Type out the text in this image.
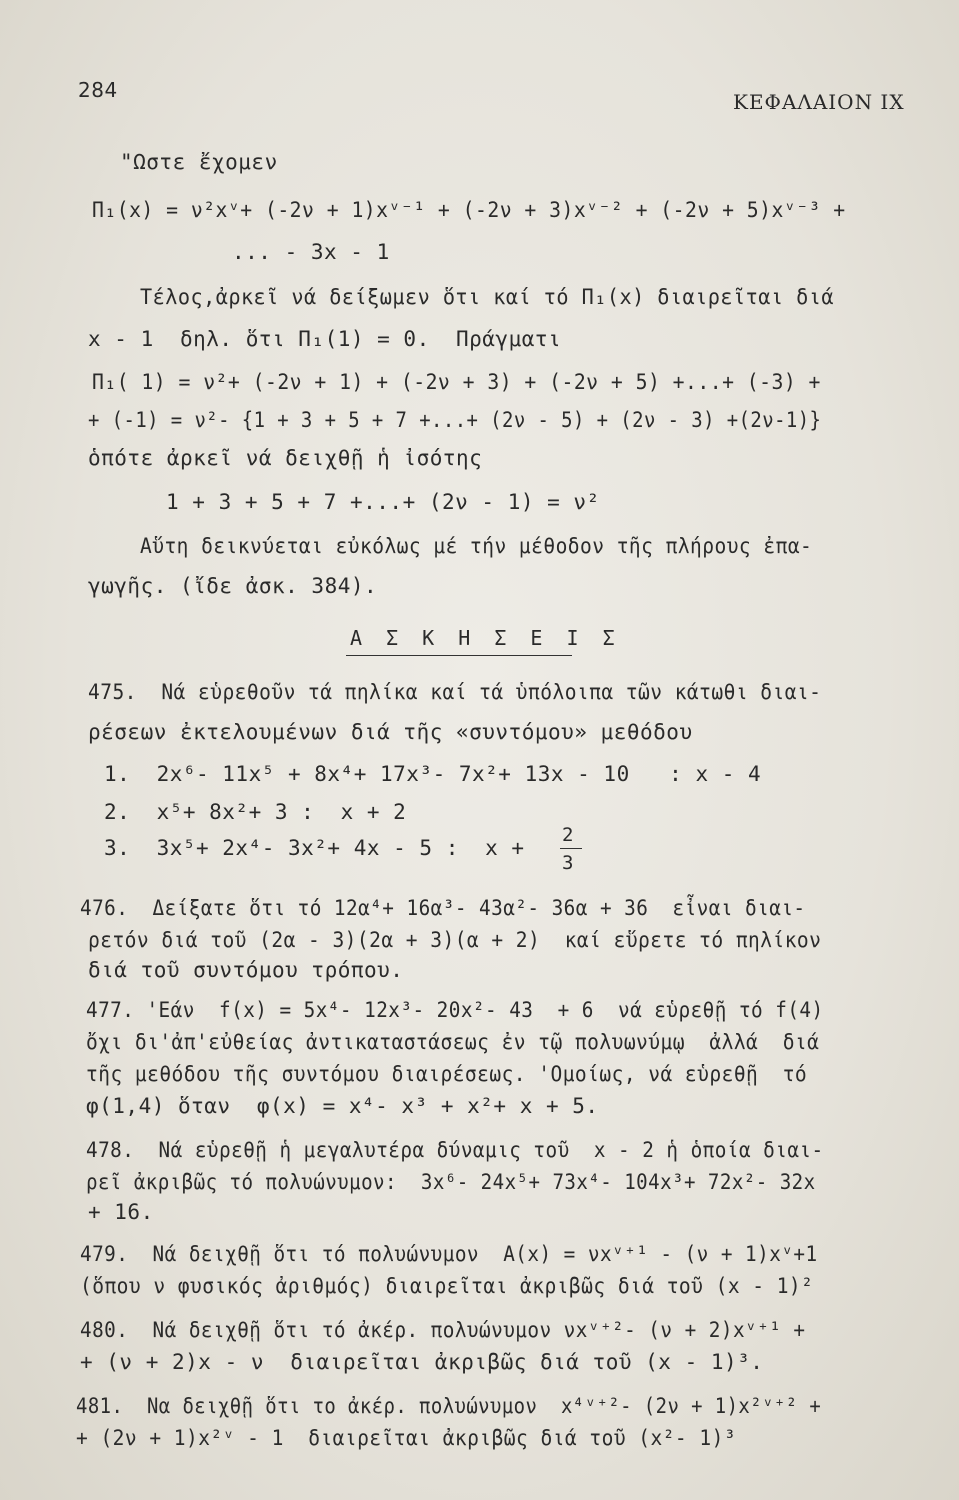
284	ΚΕΦΑΛΑΙΟΝ ΙΧ
"Ωστε ἔχομεν
Π₁(x) = ν²xᵛ+ (-2ν + 1)xᵛ⁻¹ + (-2ν + 3)xᵛ⁻² + (-2ν + 5)xᵛ⁻³ +
... - 3x - 1
Τέλος,ἀρκεῖ νά δείξωμεν ὅτι καί τό Π₁(x) διαιρεῖται διά
x - 1  δηλ. ὅτι Π₁(1) = 0.  Πράγματι
Π₁( 1) = ν²+ (-2ν + 1) + (-2ν + 3) + (-2ν + 5) +...+ (-3) +
+ (-1) = ν²- {1 + 3 + 5 + 7 +...+ (2ν - 5) + (2ν - 3) +(2ν-1)}
ὁπότε ἀρκεῖ νά δειχθῇ ἡ ἰσότης
1 + 3 + 5 + 7 +...+ (2ν - 1) = ν²
Αὕτη δεικνύεται εὐκόλως μέ τήν μέθοδον τῆς πλήρους ἐπα-
γωγῆς. (ἴδε ἀσκ. 384).
Α Σ Κ Η Σ Ε Ι Σ
475.  Νά εὑρεθοῦν τά πηλίκα καί τά ὑπόλοιπα τῶν κάτωθι διαι-
ρέσεων ἐκτελουμένων διά τῆς «συντόμου» μεθόδου
1.  2x⁶- 11x⁵ + 8x⁴+ 17x³- 7x²+ 13x - 10   : x - 4
2.  x⁵+ 8x²+ 3 :  x + 2
3.  3x⁵+ 2x⁴- 3x²+ 4x - 5 :  x +
2
3
476.  Δείξατε ὅτι τό 12α⁴+ 16α³- 43α²- 36α + 36  εἶναι διαι-
ρετόν διά τοῦ (2α - 3)(2α + 3)(α + 2)  καί εὕρετε τό πηλίκον
διά τοῦ συντόμου τρόπου.
477. 'Εάν  f(x) = 5x⁴- 12x³- 20x²- 43  + 6  νά εὑρεθῇ τό f(4)
ὄχι δι'ἀπ'εὐθείας ἀντικαταστάσεως ἐν τῷ πολυωνύμῳ  ἀλλά  διά
τῆς μεθόδου τῆς συντόμου διαιρέσεως. 'Ομοίως, νά εὑρεθῇ  τό
φ(1,4) ὅταν  φ(x) = x⁴- x³ + x²+ x + 5.
478.  Νά εὑρεθῇ ἡ μεγαλυτέρα δύναμις τοῦ  x - 2 ἡ ὁποία διαι-
ρεῖ ἀκριβῶς τό πολυώνυμον:  3x⁶- 24x⁵+ 73x⁴- 104x³+ 72x²- 32x
+ 16.
479.  Νά δειχθῇ ὅτι τό πολυώνυμον  A(x) = νxᵛ⁺¹ - (ν + 1)xᵛ+1
(ὅπου ν φυσικός ἀριθμός) διαιρεῖται ἀκριβῶς διά τοῦ (x - 1)²
480.  Νά δειχθῇ ὅτι τό ἀκέρ. πολυώνυμον νxᵛ⁺²- (ν + 2)xᵛ⁺¹ +
+ (ν + 2)x - ν  διαιρεῖται ἀκριβῶς διά τοῦ (x - 1)³.
481.  Να δειχθῇ ὅτι το ἀκέρ. πολυώνυμον  x⁴ᵛ⁺²- (2ν + 1)x²ᵛ⁺² +
+ (2ν + 1)x²ᵛ - 1  διαιρεῖται ἀκριβῶς διά τοῦ (x²- 1)³
